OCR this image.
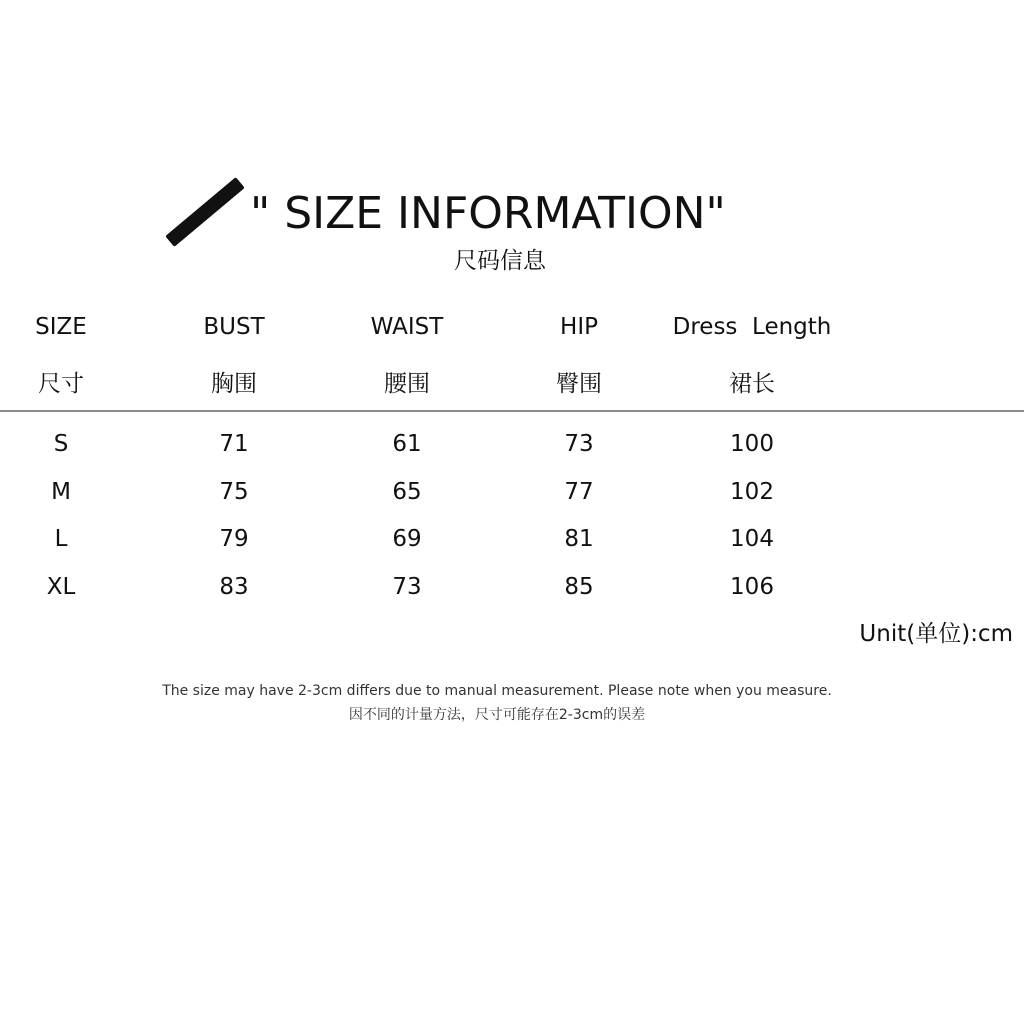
" SIZE INFORMATION"
尺码信息
SIZE	BUST	WAIST	HIP	Dress  Length
尺寸	胸围	腰围	臀围	裙长
S	71	61	73	100
M	75	65	77	102
L	79	69	81	104
XL	83	73	85	106
Unit(单位):cm
The size may have 2-3cm differs due to manual measurement. Please note when you measure.
因不同的计量方法，尺寸可能存在2-3cm的误差
